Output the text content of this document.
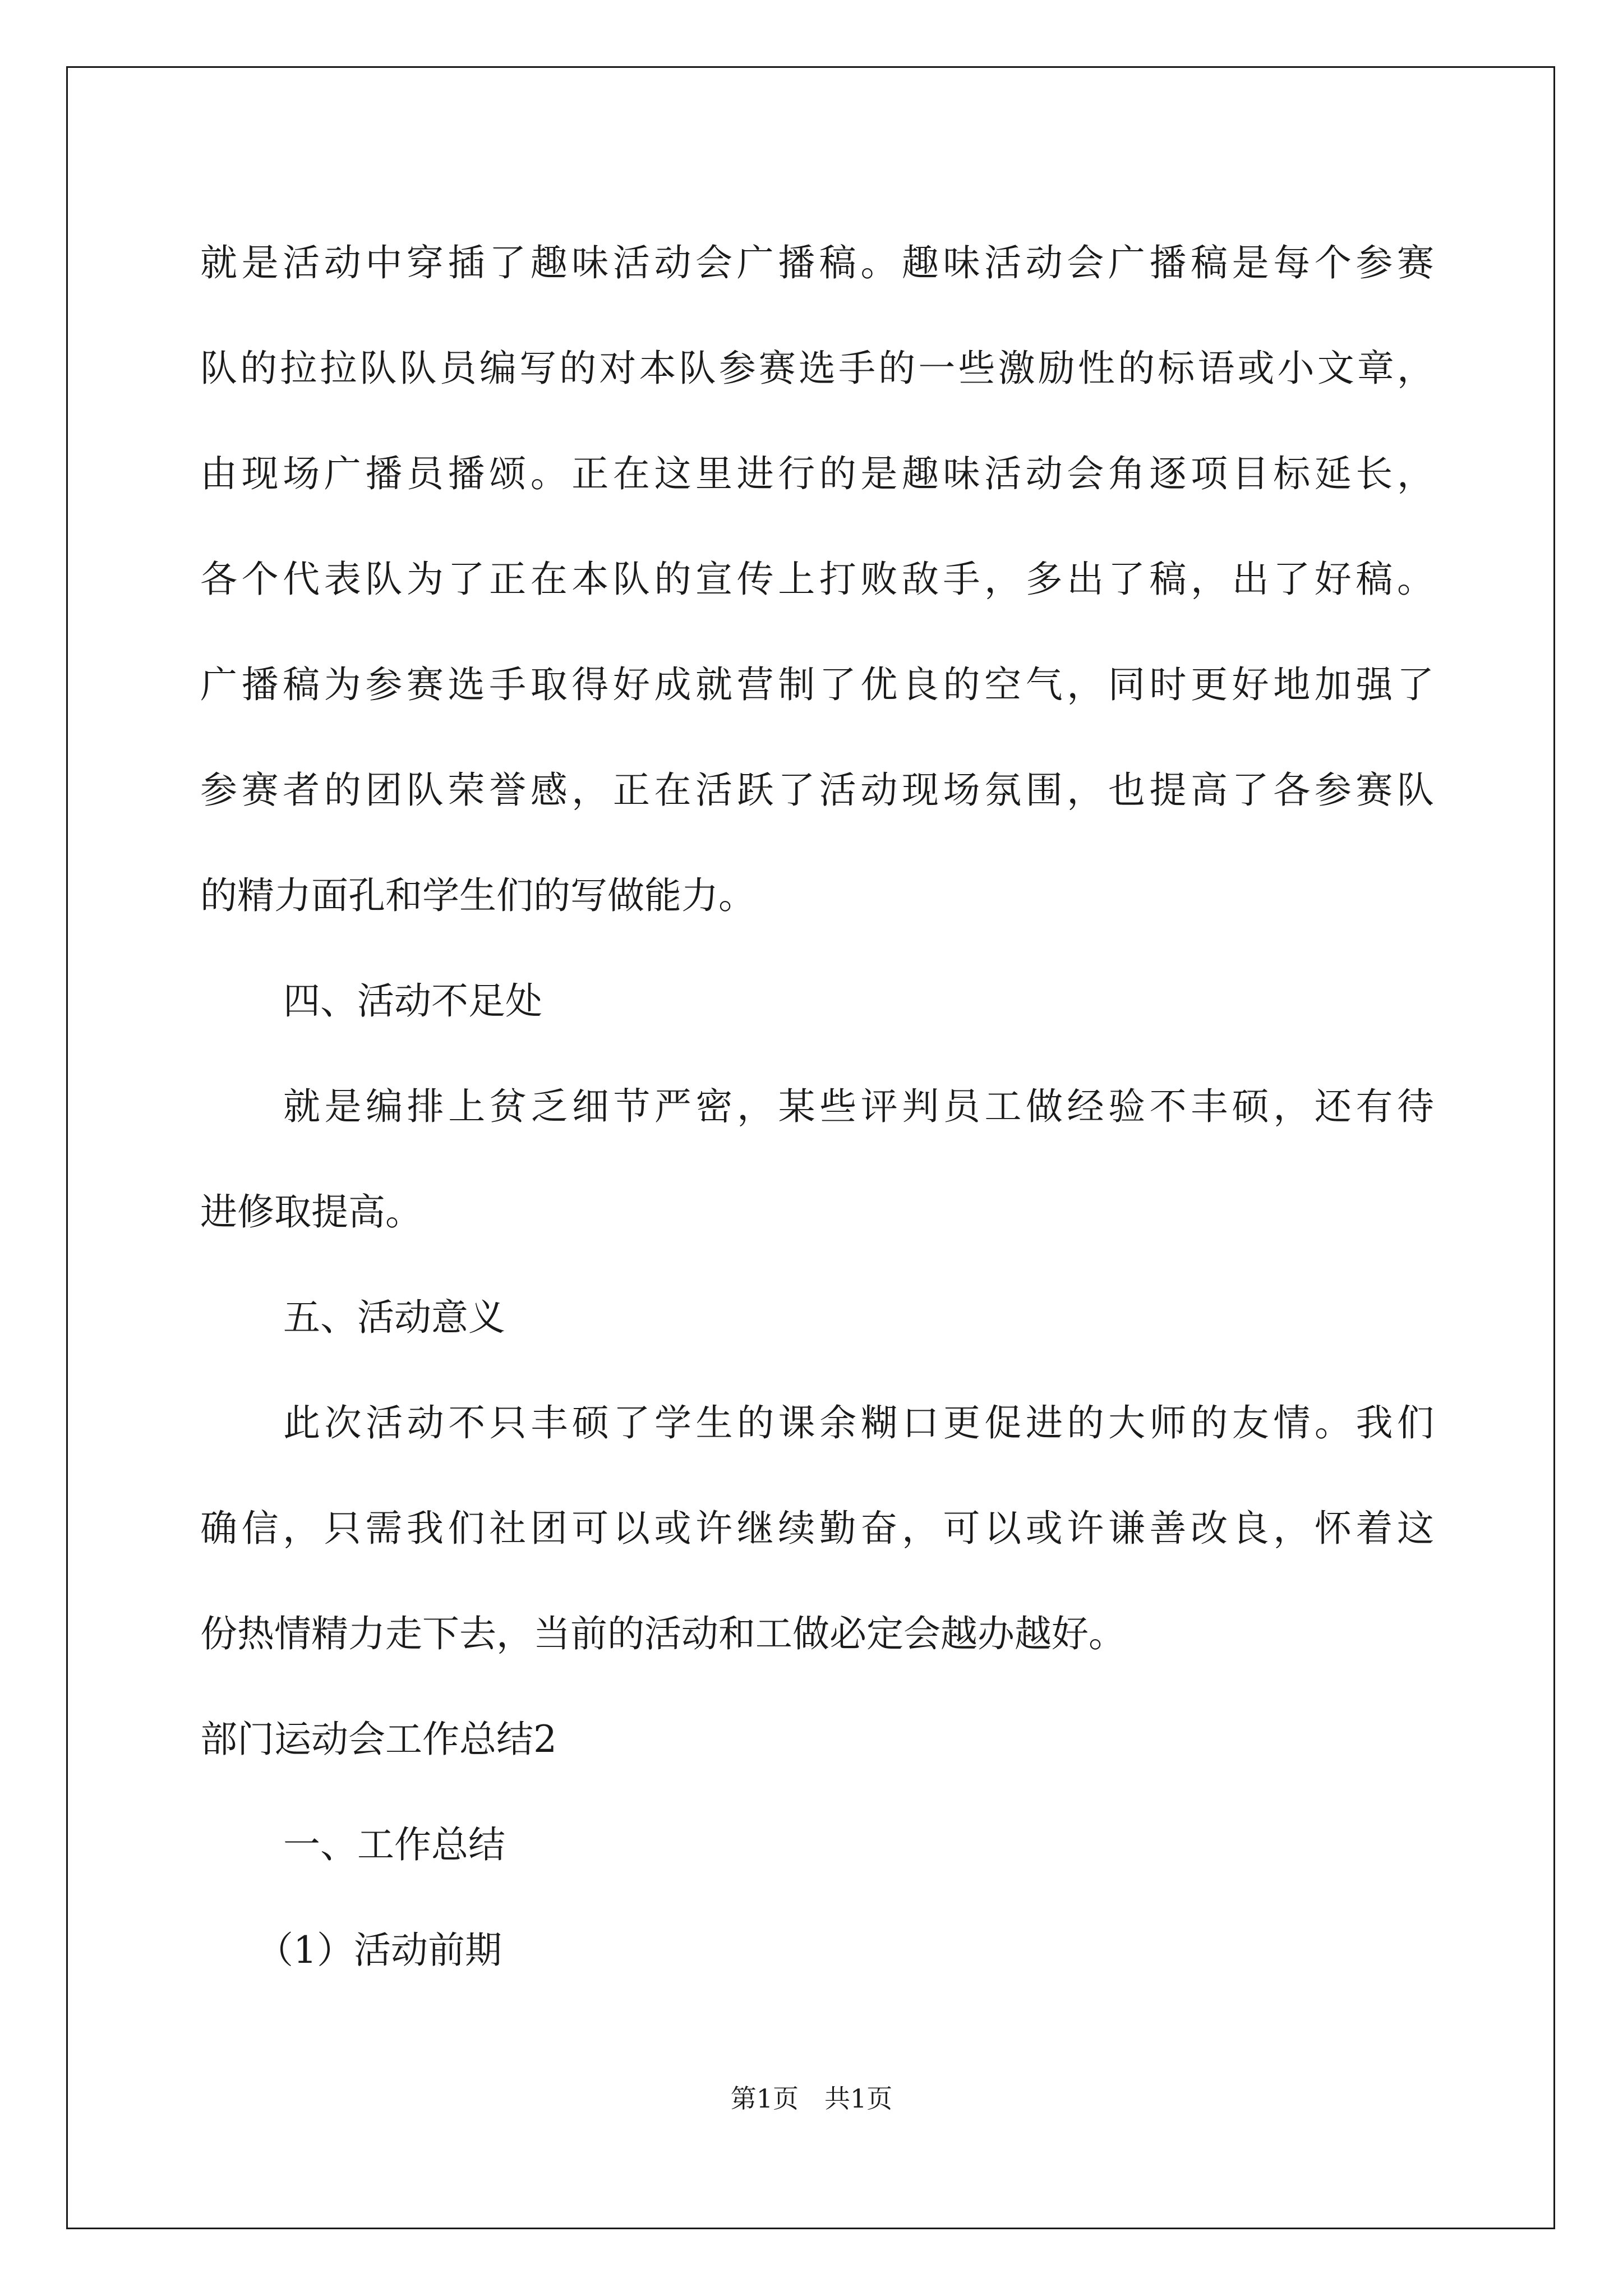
就是活动中穿插了趣味活动会广播稿。趣味活动会广播稿是每个参赛
队的拉拉队队员编写的对本队参赛选手的一些激励性的标语或小文章，
由现场广播员播颂。正在这里进行的是趣味活动会角逐项目标延长，
各个代表队为了正在本队的宣传上打败敌手，多出了稿，出了好稿。
广播稿为参赛选手取得好成就营制了优良的空气，同时更好地加强了
参赛者的团队荣誉感，正在活跃了活动现场氛围，也提高了各参赛队
的精力面孔和学生们的写做能力。
四、活动不足处
就是编排上贫乏细节严密，某些评判员工做经验不丰硕，还有待
进修取提高。
五、活动意义
此次活动不只丰硕了学生的课余糊口更促进的大师的友情。我们
确信，只需我们社团可以或许继续勤奋，可以或许谦善改良，怀着这
份热情精力走下去，当前的活动和工做必定会越办越好。
部门运动会工作总结2
一、工作总结
（1）活动前期
第1页　共1页
